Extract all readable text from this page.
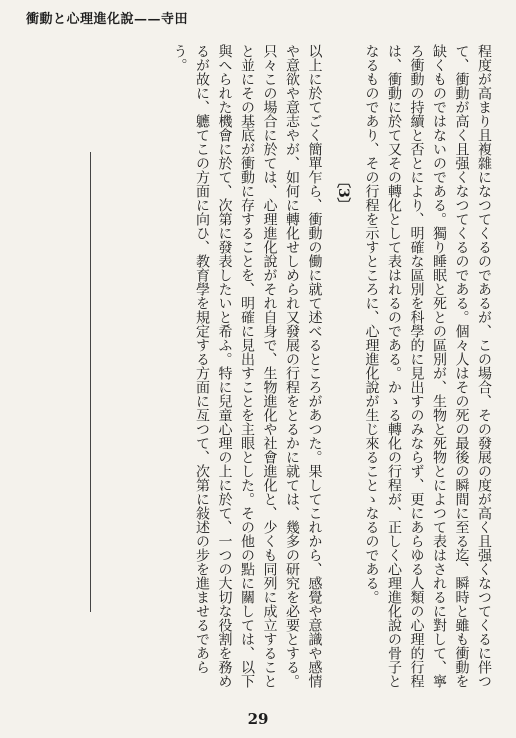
衝動と心理進化說——寺田

程度が高まり且複雜になつてくるのであるが、この場合、その發展の度が高く且强くなつてくるに伴つて、衝動が高く且强くなつてくるのである。個々人はその死の最後の瞬間に至る迄、瞬時と雖も衝動を缺くものではないのである。獨り睡眠と死との區別が、生物と死物とによつて表はされるに對して、寧ろ衝動の持續と否とにより、明確な區別を科學的に見出すのみならず、更にあらゆる人類の心理的行程は、衝動に於て又その轉化として表はれるのである。かゝる轉化の行程が、正しく心理進化說の骨子となるものであり、その行程を示すところに、心理進化說が生じ來ることゝなるのである。

〔3〕

以上に於てごく簡單乍ら、衝動の働に就て述べるところがあつた。果してこれから、感覺や意識や感情や意欲や意志やが、如何に轉化せしめられ又發展の行程をとるかに就ては、幾多の研究を必要とする。只々この場合に於ては、心理進化說がそれ自身で、生物進化や社會進化と、少くも同列に成立することと並にその基底が衝動に存することを、明確に見出すことを主眼とした。その他の點に關しては、以下與へられた機會に於て、次第に發表したいと希ふ。特に兒童心理の上に於て、一つの大切な役割を務めるが故に、軈てこの方面に向ひ、教育學を規定する方面に亙つて、次第に敍述の步を進ませるであらう。

29
